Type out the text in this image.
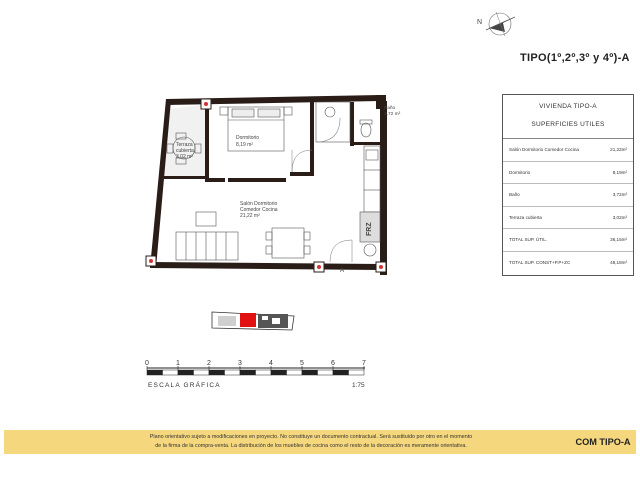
N
FRZ
Dormitorio
8,19 m²
Terraza
cubierta
3,02 m²
Baño
3,72 m²
Salón Dormitorio
Comedor Cocina
21,22 m²
A
0	1	2	3	4	5	6	7
ESCALA GRÁFICA	1:75
TIPO(1º,2º,3º y 4º)-A
VIVIENDA TIPO-A
SUPERFICIES UTILES
Salón Dormitorio Comedor Cocina	21,22m²
Dormitorio	8,19m²
Baño	3,72m²
Terraza cubierta	3,02m²
TOTAL SUP. ÚTIL.	36,15m²
TOTAL SUP. CONST+P.P+ZC	48,18m²
Plano orientativo sujeto a modificaciones en proyecto. No constituye un documento contractual. Será sustituido por otro en el momento
de la firma de la compra-venta. La distribución de los muebles de cocina como el resto de la decoración es meramente orientativa.	COM TIPO-A
